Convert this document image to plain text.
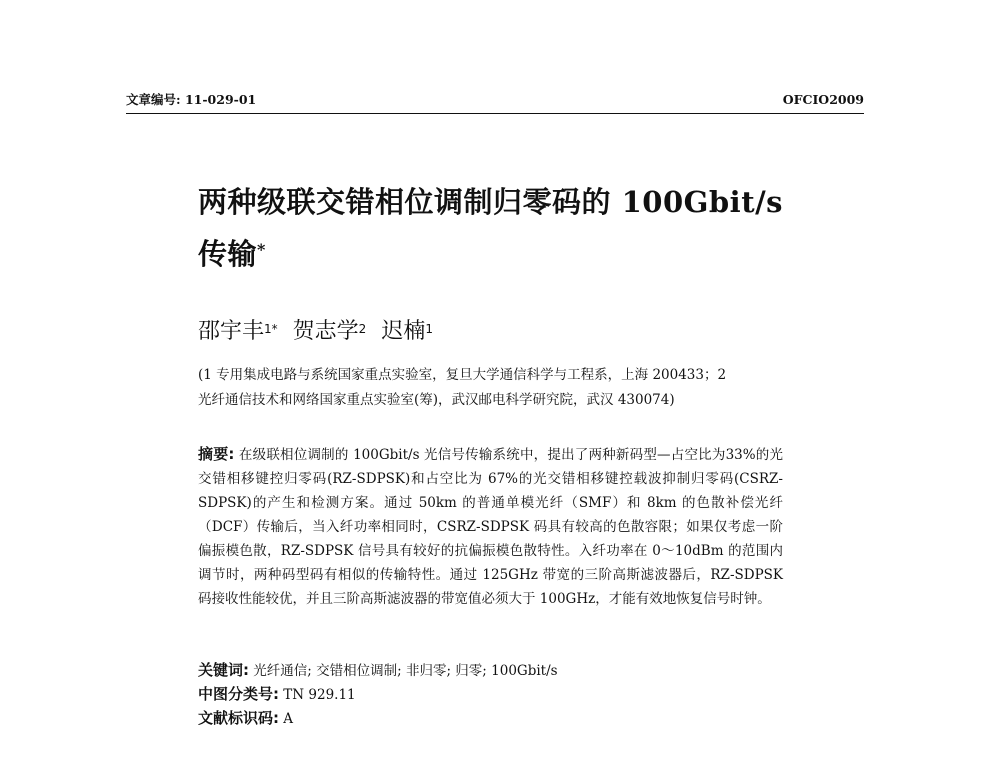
文章编号: 11-029-01	OFCIO2009
两种级联交错相位调制归零码的 100Gbit/s
传输*
邵宇丰$^{1*}$ 贺志学$^2$ 迟楠$^1$
(1 专用集成电路与系统国家重点实验室，复旦大学通信科学与工程系，上海 200433；2
光纤通信技术和网络国家重点实验室(筹)，武汉邮电科学研究院，武汉 430074)
摘要: 在级联相位调制的 100Gbit/s 光信号传输系统中，提出了两种新码型—占空比为33%的光交错相移键控归零码(RZ-SDPSK)和占空比为 67%的光交错相移键控载波抑制归零码(CSRZ-SDPSK)的产生和检测方案。通过 50km 的普通单模光纤（SMF）和 8km 的色散补偿光纤（DCF）传输后，当入纤功率相同时，CSRZ-SDPSK 码具有较高的色散容限；如果仅考虑一阶偏振模色散，RZ-SDPSK 信号具有较好的抗偏振模色散特性。入纤功率在 0～10dBm 的范围内调节时，两种码型码有相似的传输特性。通过 125GHz 带宽的三阶高斯滤波器后，RZ-SDPSK 码接收性能较优，并且三阶高斯滤波器的带宽值必须大于 100GHz，才能有效地恢复信号时钟。
关键词: 光纤通信; 交错相位调制; 非归零; 归零; 100Gbit/s
中图分类号: TN 929.11
文献标识码: A
